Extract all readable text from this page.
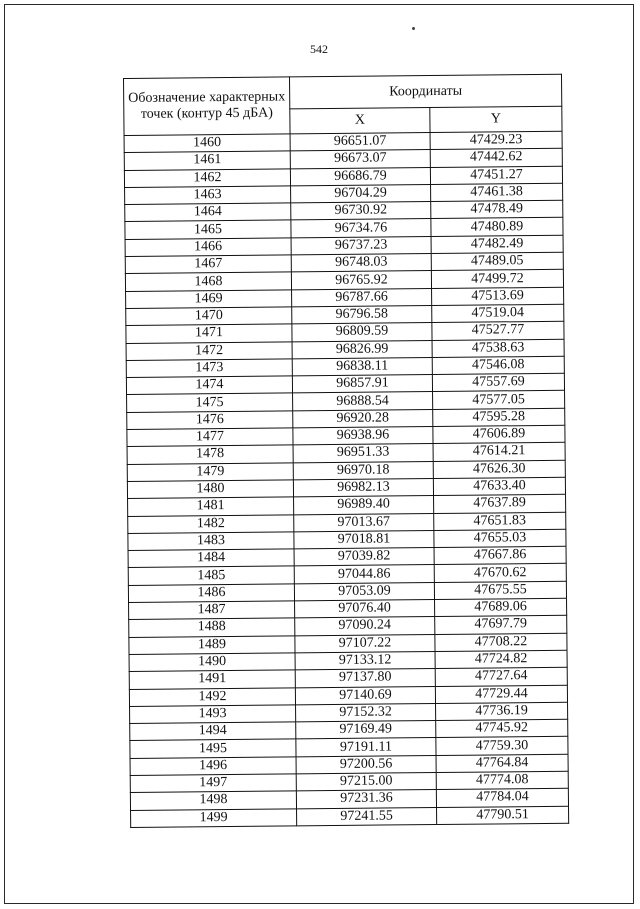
542
Обозначение характерных
точек (контур 45 дБА)	Координаты	
	X	Y
1460	96651.07	47429.23
1461	96673.07	47442.62
1462	96686.79	47451.27
1463	96704.29	47461.38
1464	96730.92	47478.49
1465	96734.76	47480.89
1466	96737.23	47482.49
1467	96748.03	47489.05
1468	96765.92	47499.72
1469	96787.66	47513.69
1470	96796.58	47519.04
1471	96809.59	47527.77
1472	96826.99	47538.63
1473	96838.11	47546.08
1474	96857.91	47557.69
1475	96888.54	47577.05
1476	96920.28	47595.28
1477	96938.96	47606.89
1478	96951.33	47614.21
1479	96970.18	47626.30
1480	96982.13	47633.40
1481	96989.40	47637.89
1482	97013.67	47651.83
1483	97018.81	47655.03
1484	97039.82	47667.86
1485	97044.86	47670.62
1486	97053.09	47675.55
1487	97076.40	47689.06
1488	97090.24	47697.79
1489	97107.22	47708.22
1490	97133.12	47724.82
1491	97137.80	47727.64
1492	97140.69	47729.44
1493	97152.32	47736.19
1494	97169.49	47745.92
1495	97191.11	47759.30
1496	97200.56	47764.84
1497	97215.00	47774.08
1498	97231.36	47784.04
1499	97241.55	47790.51
